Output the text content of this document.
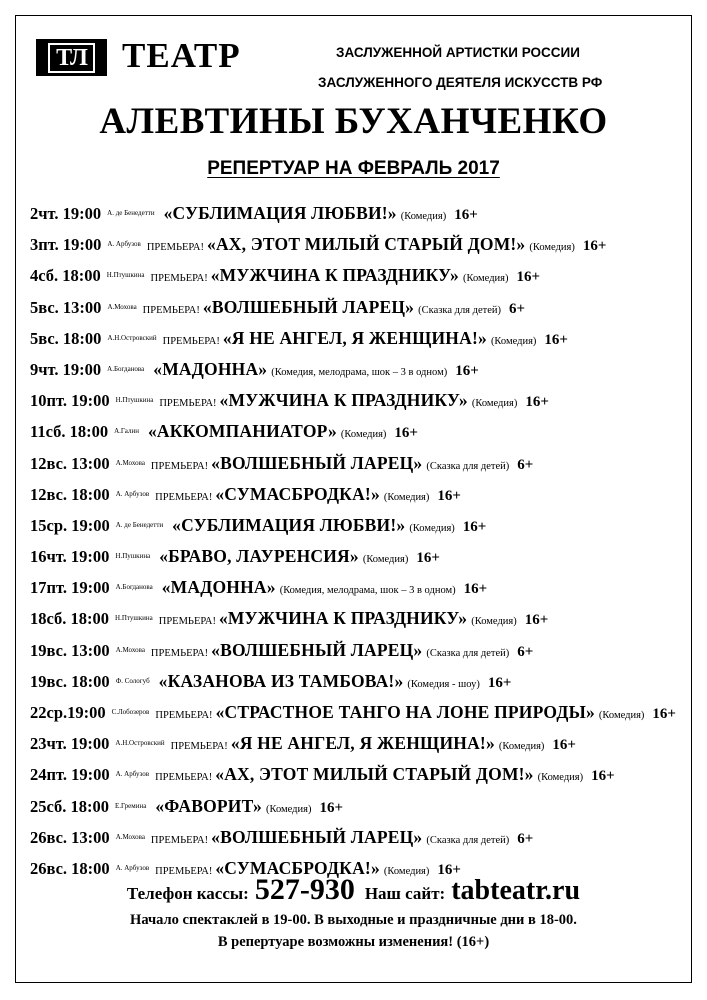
ТЛ ТЕАТР	ЗАСЛУЖЕННОЙ АРТИСТКИ РОССИИ
ЗАСЛУЖЕННОГО ДЕЯТЕЛЯ ИСКУССТВ РФ
АЛЕВТИНЫ БУХАНЧЕНКО
РЕПЕРТУАР НА ФЕВРАЛЬ 2017
2чт. 19:00 А. де Бенедетти «СУБЛИМАЦИЯ ЛЮБВИ!» (Комедия) 16+
3пт. 19:00 А. Арбузов ПРЕМЬЕРА! «АХ, ЭТОТ МИЛЫЙ СТАРЫЙ ДОМ!» (Комедия) 16+
4сб. 18:00 Н.Птушкина ПРЕМЬЕРА! «МУЖЧИНА К ПРАЗДНИКУ» (Комедия) 16+
5вс. 13:00 А.Мохова ПРЕМЬЕРА! «ВОЛШЕБНЫЙ ЛАРЕЦ» (Сказка для детей) 6+
5вс. 18:00 А.Н.Островский ПРЕМЬЕРА! «Я НЕ АНГЕЛ, Я ЖЕНЩИНА!» (Комедия) 16+
9чт. 19:00 А.Богданова «МАДОННА» (Комедия, мелодрама, шок – 3 в одном) 16+
10пт. 19:00 Н.Птушкина ПРЕМЬЕРА! «МУЖЧИНА К ПРАЗДНИКУ» (Комедия) 16+
11сб. 18:00 А.Галин «АККОМПАНИАТОР» (Комедия) 16+
12вс. 13:00 А.Мохова ПРЕМЬЕРА! «ВОЛШЕБНЫЙ ЛАРЕЦ» (Сказка для детей) 6+
12вс. 18:00 А. Арбузов ПРЕМЬЕРА! «СУМАСБРОДКА!» (Комедия) 16+
15ср. 19:00 А. де Бенедетти «СУБЛИМАЦИЯ ЛЮБВИ!» (Комедия) 16+
16чт. 19:00 Н.Пушкина «БРАВО, ЛАУРЕНСИЯ» (Комедия) 16+
17пт. 19:00 А.Богданова «МАДОННА» (Комедия, мелодрама, шок – 3 в одном) 16+
18сб. 18:00 Н.Птушкина ПРЕМЬЕРА! «МУЖЧИНА К ПРАЗДНИКУ» (Комедия) 16+
19вс. 13:00 А.Мохова ПРЕМЬЕРА! «ВОЛШЕБНЫЙ ЛАРЕЦ» (Сказка для детей) 6+
19вс. 18:00 Ф. Сологуб «КАЗАНОВА ИЗ ТАМБОВА!» (Комедия - шоу) 16+
22ср.19:00 С.Лобозеров ПРЕМЬЕРА! «СТРАСТНОЕ ТАНГО НА ЛОНЕ ПРИРОДЫ» (Комедия) 16+
23чт. 19:00 А.Н.Островский ПРЕМЬЕРА! «Я НЕ АНГЕЛ, Я ЖЕНЩИНА!» (Комедия) 16+
24пт. 19:00 А. Арбузов ПРЕМЬЕРА! «АХ, ЭТОТ МИЛЫЙ СТАРЫЙ ДОМ!» (Комедия) 16+
25сб. 18:00 Е.Гремина «ФАВОРИТ» (Комедия) 16+
26вс. 13:00 А.Мохова ПРЕМЬЕРА! «ВОЛШЕБНЫЙ ЛАРЕЦ» (Сказка для детей) 6+
26вс. 18:00 А. Арбузов ПРЕМЬЕРА! «СУМАСБРОДКА!» (Комедия) 16+
Телефон кассы: 527-930 Наш сайт: tabteatr.ru
Начало спектаклей в 19-00. В выходные и праздничные дни в 18-00.
В репертуаре возможны изменения! (16+)
